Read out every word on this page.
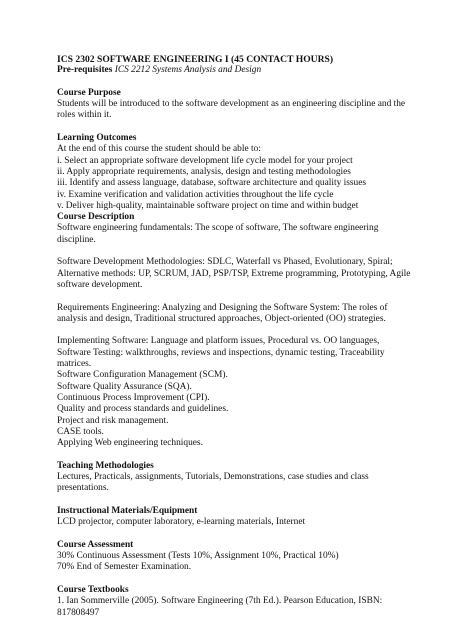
ICS 2302 SOFTWARE ENGINEERING I (45 CONTACT HOURS)

Pre-requisites ICS 2212 Systems Analysis and Design

Course Purpose

Students will be introduced to the software development as an engineering discipline and the roles within it.

Learning Outcomes

At the end of this course the student should be able to:

i. Select an appropriate software development life cycle model for your project

ii. Apply appropriate requirements, analysis, design and testing methodologies

iii. Identify and assess language, database, software architecture and quality issues

iv. Examine verification and validation activities throughout the life cycle

v. Deliver high-quality, maintainable software project on time and within budget

Course Description

Software engineering fundamentals: The scope of software, The software engineering discipline.

Software Development Methodologies: SDLC, Waterfall vs Phased, Evolutionary, Spiral; Alternative methods: UP, SCRUM, JAD, PSP/TSP, Extreme programming, Prototyping, Agile software development.

Requirements Engineering: Analyzing and Designing the Software System: The roles of analysis and design, Traditional structured approaches, Object-oriented (OO) strategies.

Implementing Software: Language and platform issues, Procedural vs. OO languages, Software Testing: walkthroughs, reviews and inspections, dynamic testing, Traceability matrices.

Software Configuration Management (SCM).

Software Quality Assurance (SQA).

Continuous Process Improvement (CPI).

Quality and process standards and guidelines.

Project and risk management.

CASE tools.

Applying Web engineering techniques.

Teaching Methodologies

Lectures, Practicals, assignments, Tutorials, Demonstrations, case studies and class presentations.

Instructional Materials/Equipment

LCD projector, computer laboratory, e-learning materials, Internet

Course Assessment

30% Continuous Assessment (Tests 10%, Assignment 10%, Practical 10%)

70% End of Semester Examination.

Course Textbooks

1. Ian Sommerville (2005). Software Engineering (7th Ed.). Pearson Education, ISBN: 817808497
